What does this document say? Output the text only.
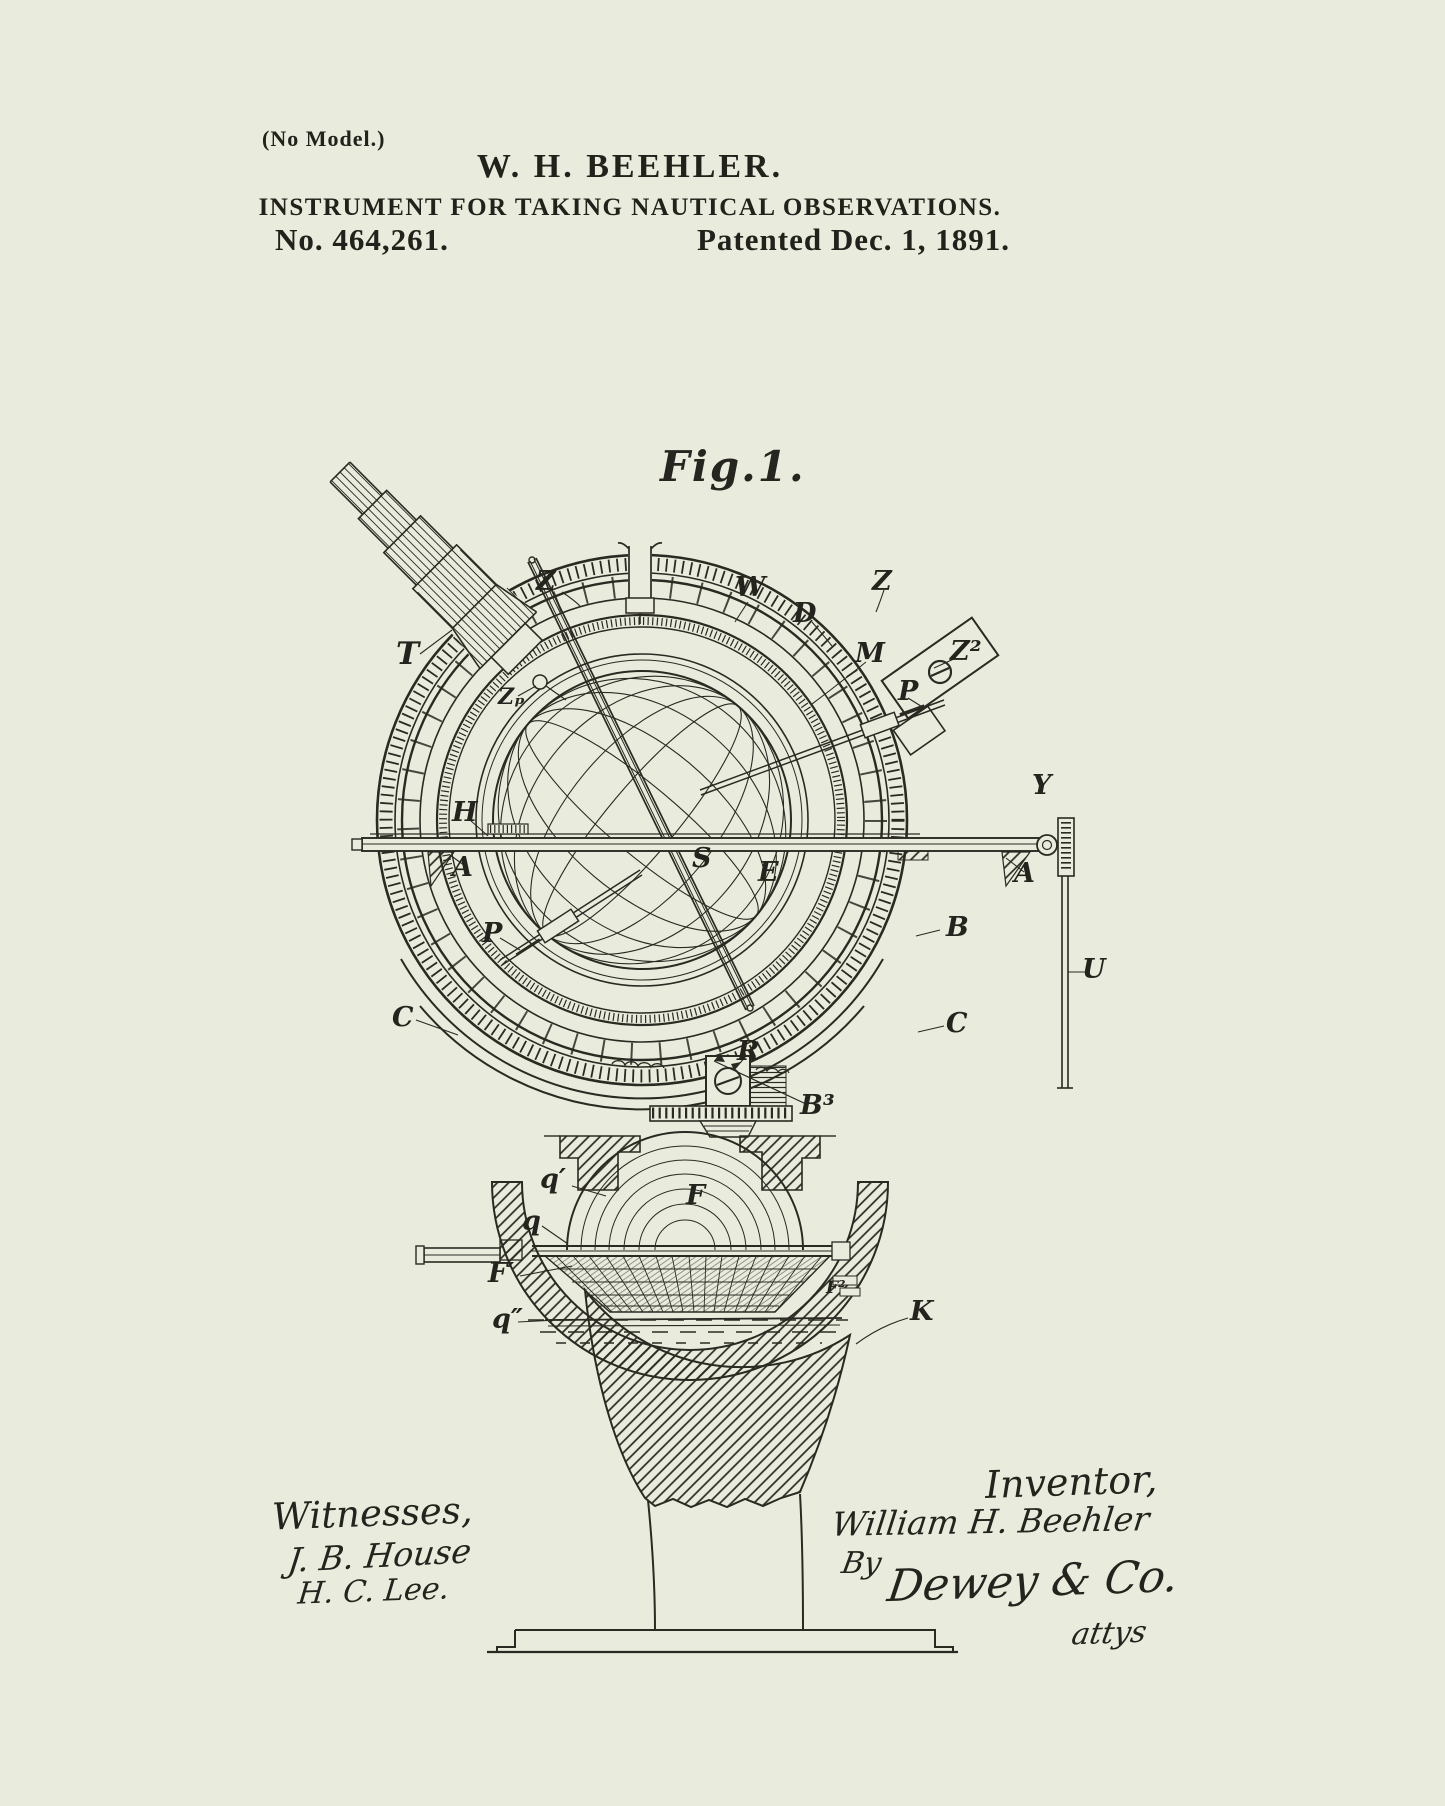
(No Model.)
W. H. BEEHLER.
INSTRUMENT FOR TAKING NAUTICAL OBSERVATIONS.
No. 464,261.	Patented Dec. 1, 1891.
Fig.1.
Z	W
D
Z
M Z²
P
T
Zₚ
H
A	S E
Y
A
B
U
P
C	C
R
B³
q′
q
F
F′
q″
F²
K
Witnesses,
J. B. House
H. C. Lee.
Inventor,
William H. Beehler
By Dewey & Co.
attys
